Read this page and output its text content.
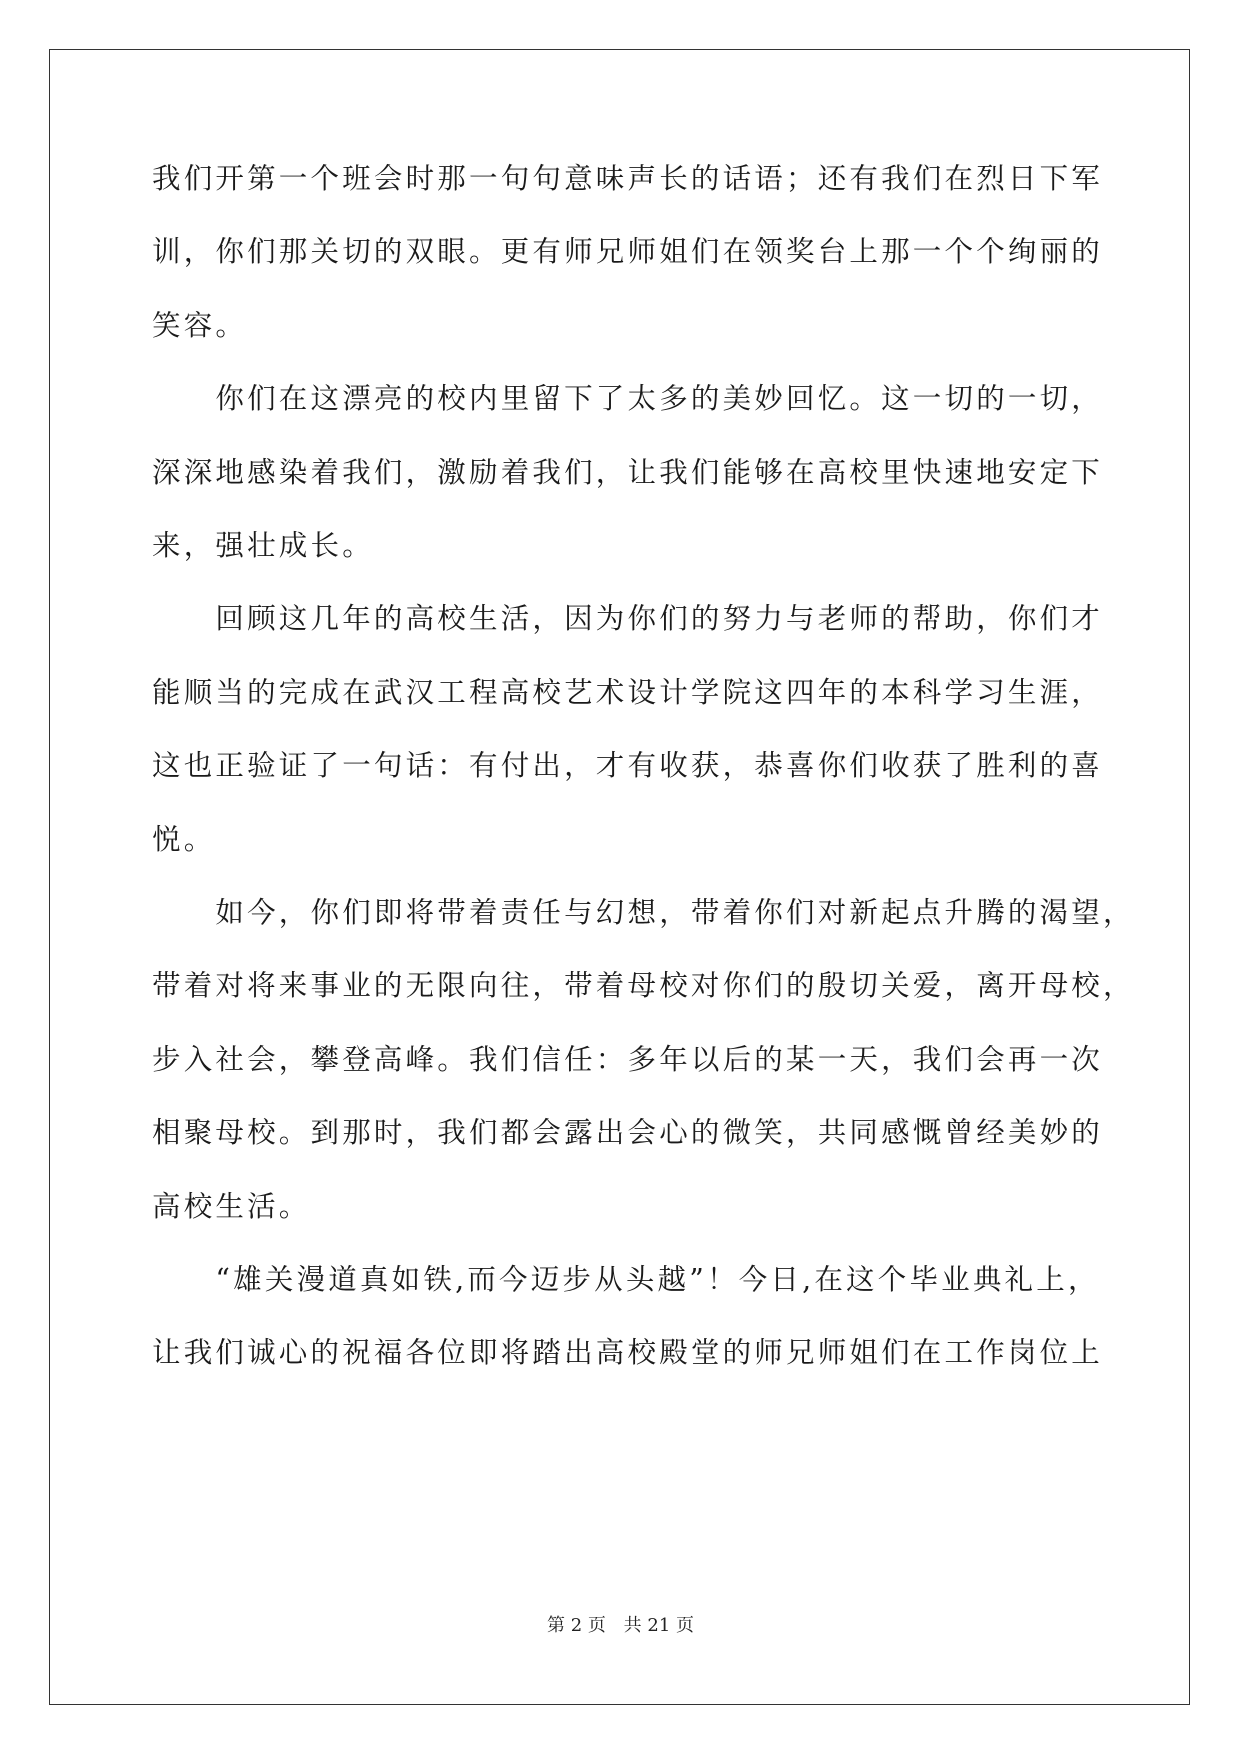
我们开第一个班会时那一句句意味声长的话语；还有我们在烈日下军

训，你们那关切的双眼。更有师兄师姐们在领奖台上那一个个绚丽的

笑容。

　　你们在这漂亮的校内里留下了太多的美妙回忆。这一切的一切，

深深地感染着我们，激励着我们，让我们能够在高校里快速地安定下

来，强壮成长。

　　回顾这几年的高校生活，因为你们的努力与老师的帮助，你们才

能顺当的完成在武汉工程高校艺术设计学院这四年的本科学习生涯，

这也正验证了一句话：有付出，才有收获，恭喜你们收获了胜利的喜

悦。

　　如今，你们即将带着责任与幻想，带着你们对新起点升腾的渴望，

带着对将来事业的无限向往，带着母校对你们的殷切关爱，离开母校，

步入社会，攀登高峰。我们信任：多年以后的某一天，我们会再一次

相聚母校。到那时，我们都会露出会心的微笑，共同感慨曾经美妙的

高校生活。

　　“雄关漫道真如铁,而今迈步从头越”！今日,在这个毕业典礼上，

让我们诚心的祝福各位即将踏出高校殿堂的师兄师姐们在工作岗位上

第 2 页 共 21 页
